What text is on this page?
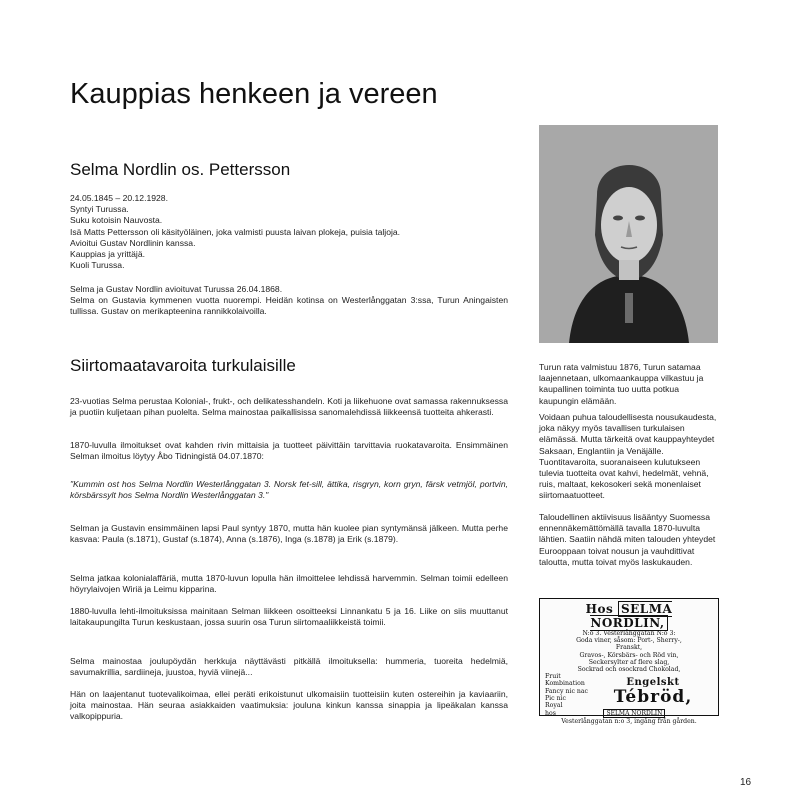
Kauppias henkeen ja vereen
Selma Nordlin os. Pettersson

24.05.1845 – 20.12.1928.

Syntyi Turussa.

Suku kotoisin Nauvosta.

Isä Matts Pettersson oli käsityöläinen, joka valmisti puusta laivan plokeja, puisia taljoja.

Avioitui Gustav Nordlinin kanssa.

Kauppias ja yrittäjä.

Kuoli Turussa.

Selma ja Gustav Nordlin avioituvat Turussa 26.04.1868.

Selma on Gustavia kymmenen vuotta nuorempi. Heidän kotinsa on Westerlånggatan 3:ssa, Turun Aningaisten tullissa. Gustav on merikapteenina rannikkolaivoilla.

Siirtomaatavaroita turkulaisille
23-vuotias Selma perustaa Kolonial-, frukt-, och delikatesshandeln. Koti ja liikehuone ovat samassa rakennuksessa ja puotiin kuljetaan pihan puolelta. Selma mainostaa paikallisissa sanomalehdissä liikkeensä tuotteita ahkerasti.
1870-luvulla ilmoitukset ovat kahden rivin mittaisia ja tuotteet päivittäin tarvittavia ruokatavaroita. Ensimmäinen Selman ilmoitus löytyy Åbo Tidningistä 04.07.1870:
"Kummin ost hos Selma Nordlin Westerlånggatan 3. Norsk fet-sill, ättika, risgryn, korn gryn, färsk vetmjöl, portvin, körsbärssylt hos Selma Nordlin Westerlånggatan 3."
Selman ja Gustavin ensimmäinen lapsi Paul syntyy 1870, mutta hän kuolee pian syntymänsä jälkeen. Mutta perhe kasvaa: Paula (s.1871), Gustaf (s.1874), Anna (s.1876), Inga (s.1878) ja Erik (s.1879).
Selma jatkaa kolonialaffäriä, mutta 1870-luvun lopulla hän ilmoittelee lehdissä harvemmin. Selman toimii edelleen höyrylaivojen Wiriä ja Leimu kipparina.
1880-luvulla lehti-ilmoituksissa mainitaan Selman liikkeen osoitteeksi Linnankatu 5 ja 16. Liike on siis muuttanut laitakaupungilta Turun keskustaan, jossa suurin osa Turun siirtomaaliikkeistä toimii.
Selma mainostaa joulupöydän herkkuja näyttävästi pitkällä ilmoituksella: hummeria, tuoreita hedelmiä, savumakrillia, sardiineja, juustoa, hyviä viinejä...
Hän on laajentanut tuotevalikoimaa, ellei peräti erikoistunut ulkomaisiin tuotteisiin kuten ostereihin ja kaviaariin, joita mainostaa. Hän seuraa asiakkaiden vaatimuksia: jouluna kinkun kanssa sinappia ja lipeäkalan kanssa valkopippuria.
Turun rata valmistuu 1876, Turun satamaa laajennetaan, ulkomaankauppa vilkastuu ja kaupallinen toiminta tuo uutta potkua kaupungin elämään.
Voidaan puhua taloudellisesta nousukaudesta, joka näkyy myös tavallisen turkulaisen elämässä. Mutta tärkeitä ovat kauppayhteydet Saksaan, Englantiin ja Venäjälle. Tuontitavaroita, suoranaiseen kulutukseen tulevia tuotteita ovat kahvi, hedelmät, vehnä, ruis, maltaat, kekosokeri sekä monenlaiset siirtomaatuotteet.
Taloudellinen aktiivisuus lisääntyy Suomessa ennennäkemättömällä tavalla 1870-luvulta lähtien. Saatiin nähdä miten talouden yhteydet Eurooppaan toivat nousun ja vauhdittivat taloutta, mutta toivat myös laskukauden.
Hos SELMA NORDLIN,
N:o 3. Vesterlånggatan N:o 3:
Goda viner, såsom: Port-, Sherry-,
Franskt,
Gravos-, Körsbärs- och Röd vin,
Seckersylter af flere slag,
Sockrad och osockrad Chokolad,
Fruit
Kombination
Fancy nic nac
Pic nic
Royal
Engelskt
Tébröd,
hos	SELMA NORDLIN
Vesterlånggatan n:o 3, ingång från gården.
16
